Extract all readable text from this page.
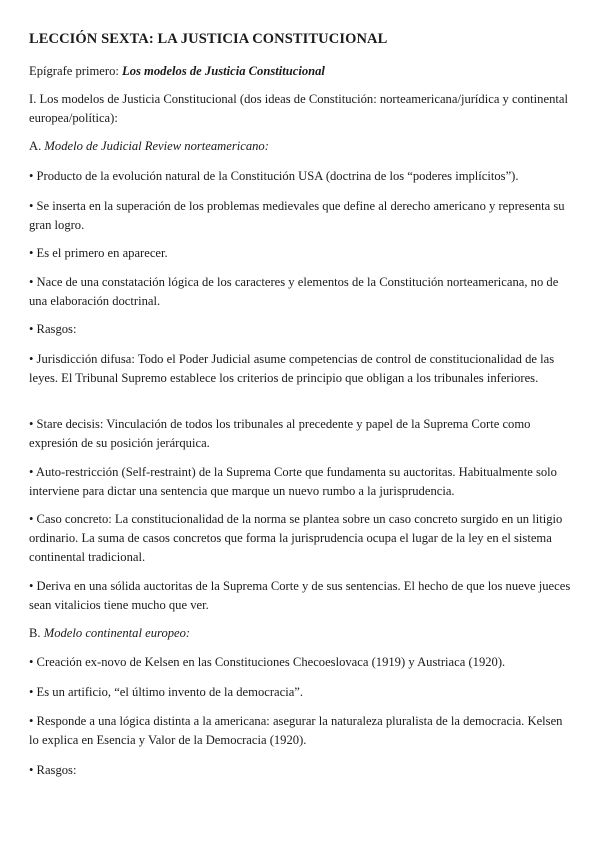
LECCIÓN SEXTA: LA JUSTICIA CONSTITUCIONAL

Epígrafe primero: Los modelos de Justicia Constitucional

I. Los modelos de Justicia Constitucional (dos ideas de Constitución: norteamericana/jurídica y continental europea/política):

A. Modelo de Judicial Review norteamericano:

• Producto de la evolución natural de la Constitución USA (doctrina de los “poderes implícitos”).

• Se inserta en la superación de los problemas medievales que define al derecho americano y representa su gran logro.

• Es el primero en aparecer.

• Nace de una constatación lógica de los caracteres y elementos de la Constitución norteamericana, no de una elaboración doctrinal.

• Rasgos:

• Jurisdicción difusa: Todo el Poder Judicial asume competencias de control de constitucionalidad de las leyes. El Tribunal Supremo establece los criterios de principio que obligan a los tribunales inferiores.

• Stare decisis: Vinculación de todos los tribunales al precedente y papel de la Suprema Corte como expresión de su posición jerárquica.

• Auto-restricción (Self-restraint) de la Suprema Corte que fundamenta su auctoritas. Habitualmente solo interviene para dictar una sentencia que marque un nuevo rumbo a la jurisprudencia.

• Caso concreto: La constitucionalidad de la norma se plantea sobre un caso concreto surgido en un litigio ordinario. La suma de casos concretos que forma la jurisprudencia ocupa el lugar de la ley en el sistema continental tradicional.

• Deriva en una sólida auctoritas de la Suprema Corte y de sus sentencias. El hecho de que los nueve jueces sean vitalicios tiene mucho que ver.

B. Modelo continental europeo:

• Creación ex-novo de Kelsen en las Constituciones Checoeslovaca (1919) y Austriaca (1920).

• Es un artificio, “el último invento de la democracia”.

• Responde a una lógica distinta a la americana: asegurar la naturaleza pluralista de la democracia. Kelsen lo explica en Esencia y Valor de la Democracia (1920).

• Rasgos:
